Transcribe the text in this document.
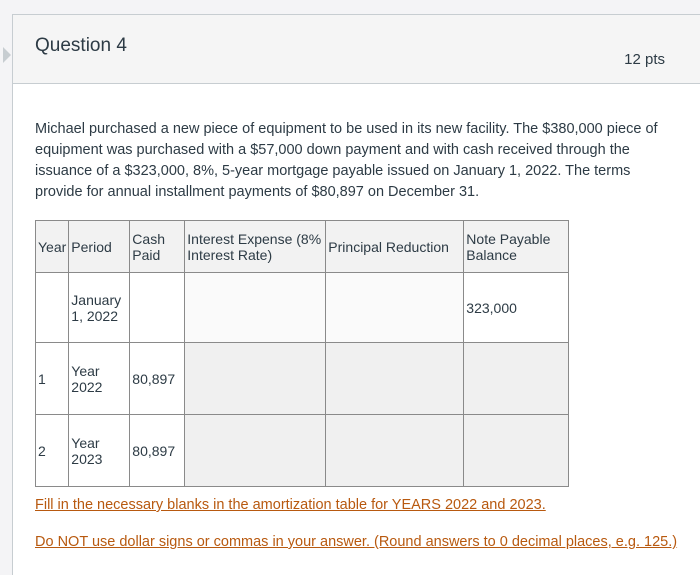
Question 4
12 pts
Michael purchased a new piece of equipment to be used in its new facility. The $380,000 piece of equipment was purchased with a $57,000 down payment and with cash received through the issuance of a $323,000, 8%, 5-year mortgage payable issued on January 1, 2022. The terms provide for annual installment payments of $80,897 on December 31.
Year	Period	Cash Paid	Interest Expense (8% Interest Rate)	Principal Reduction	Note Payable Balance
	January 1, 2022				323,000
1	Year 2022	80,897	

2	Year 2023	80,897	

Fill in the necessary blanks in the amortization table for YEARS 2022 and 2023.
Do NOT use dollar signs or commas in your answer. (Round answers to 0 decimal places, e.g. 125.)
